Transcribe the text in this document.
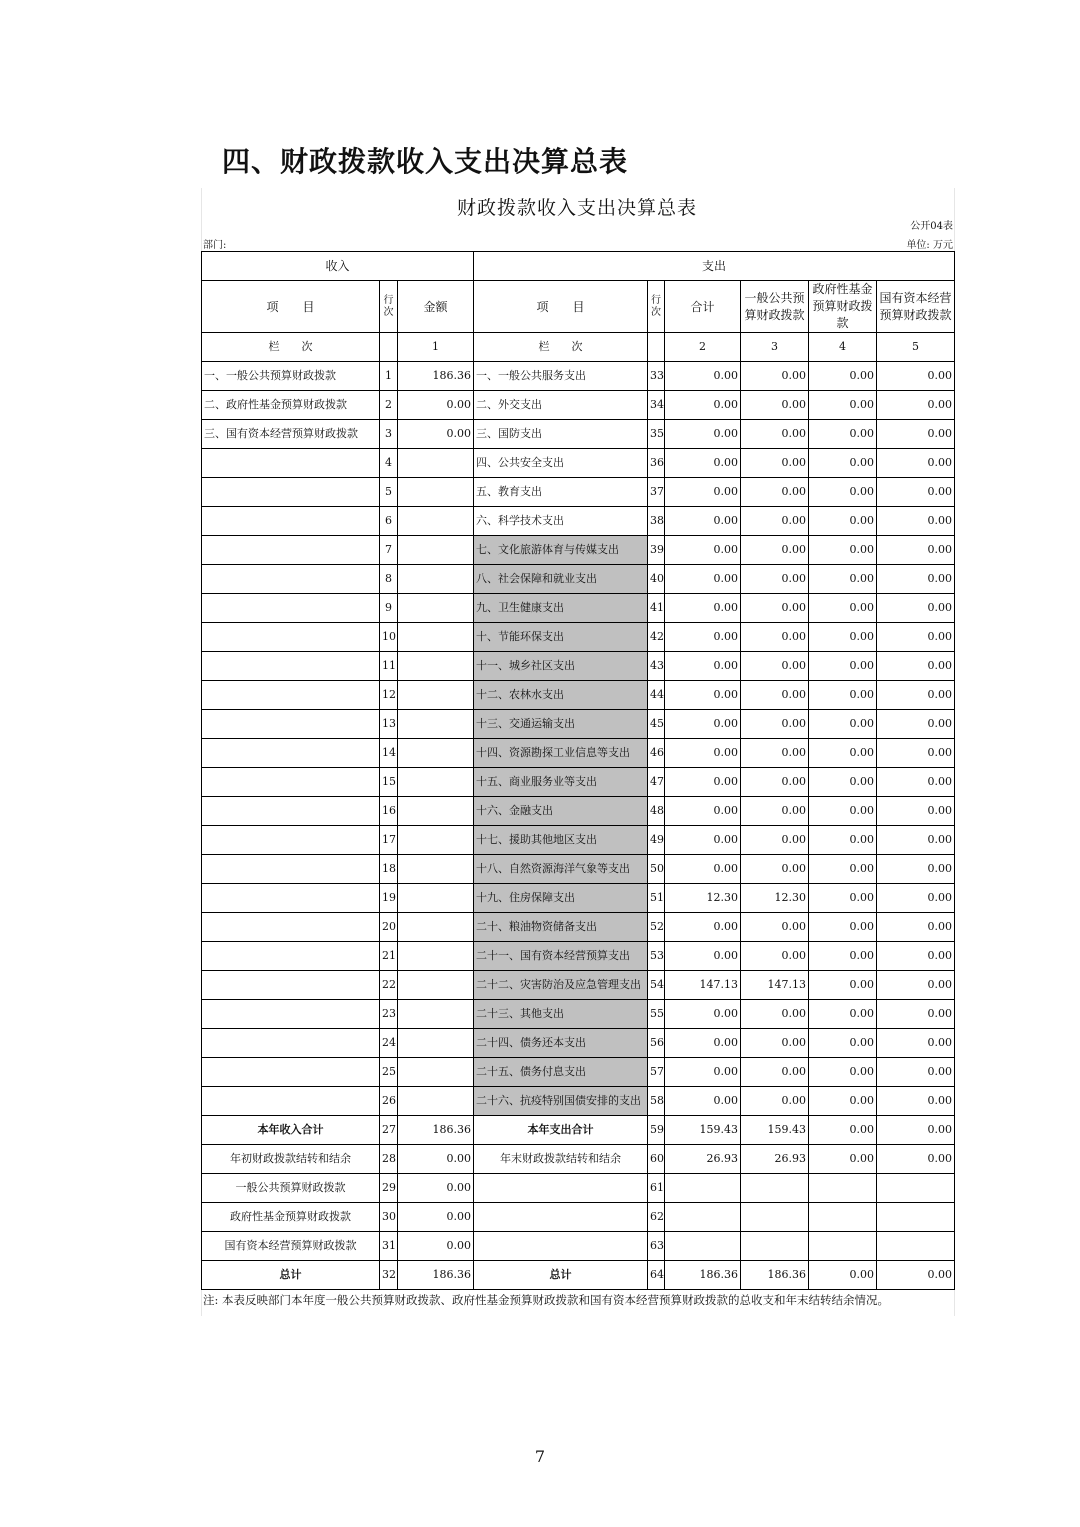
四、财政拨款收入支出决算总表
财政拨款收入支出决算总表
公开04表
部门:	单位: 万元
收入			支出					
项　　目	行次	金额	项　　目	行次	合计	一般公共预算财政拨款	政府性基金预算财政拨款	国有资本经营预算财政拨款
栏　　次		1	栏　　次		2	3	4	5
一、一般公共预算财政拨款	1	186.36	一、一般公共服务支出	33	0.00	0.00	0.00	0.00
二、政府性基金预算财政拨款	2	0.00	二、外交支出	34	0.00	0.00	0.00	0.00
三、国有资本经营预算财政拨款	3	0.00	三、国防支出	35	0.00	0.00	0.00	0.00
	4		四、公共安全支出	36	0.00	0.00	0.00	0.00
	5		五、教育支出	37	0.00	0.00	0.00	0.00
	6		六、科学技术支出	38	0.00	0.00	0.00	0.00
	7		七、文化旅游体育与传媒支出	39	0.00	0.00	0.00	0.00
	8		八、社会保障和就业支出	40	0.00	0.00	0.00	0.00
	9		九、卫生健康支出	41	0.00	0.00	0.00	0.00
	10		十、节能环保支出	42	0.00	0.00	0.00	0.00
	11		十一、城乡社区支出	43	0.00	0.00	0.00	0.00
	12		十二、农林水支出	44	0.00	0.00	0.00	0.00
	13		十三、交通运输支出	45	0.00	0.00	0.00	0.00
	14		十四、资源勘探工业信息等支出	46	0.00	0.00	0.00	0.00
	15		十五、商业服务业等支出	47	0.00	0.00	0.00	0.00
	16		十六、金融支出	48	0.00	0.00	0.00	0.00
	17		十七、援助其他地区支出	49	0.00	0.00	0.00	0.00
	18		十八、自然资源海洋气象等支出	50	0.00	0.00	0.00	0.00
	19		十九、住房保障支出	51	12.30	12.30	0.00	0.00
	20		二十、粮油物资储备支出	52	0.00	0.00	0.00	0.00
	21		二十一、国有资本经营预算支出	53	0.00	0.00	0.00	0.00
	22		二十二、灾害防治及应急管理支出	54	147.13	147.13	0.00	0.00
	23		二十三、其他支出	55	0.00	0.00	0.00	0.00
	24		二十四、债务还本支出	56	0.00	0.00	0.00	0.00
	25		二十五、债务付息支出	57	0.00	0.00	0.00	0.00
	26		二十六、抗疫特别国债安排的支出	58	0.00	0.00	0.00	0.00
本年收入合计	27	186.36	本年支出合计	59	159.43	159.43	0.00	0.00
年初财政拨款结转和结余	28	0.00	年末财政拨款结转和结余	60	26.93	26.93	0.00	0.00
一般公共预算财政拨款	29	0.00		61				
政府性基金预算财政拨款	30	0.00		62				
国有资本经营预算财政拨款	31	0.00		63				
总计	32	186.36	总计	64	186.36	186.36	0.00	0.00
注: 本表反映部门本年度一般公共预算财政拨款、政府性基金预算财政拨款和国有资本经营预算财政拨款的总收支和年末结转结余情况。
7
